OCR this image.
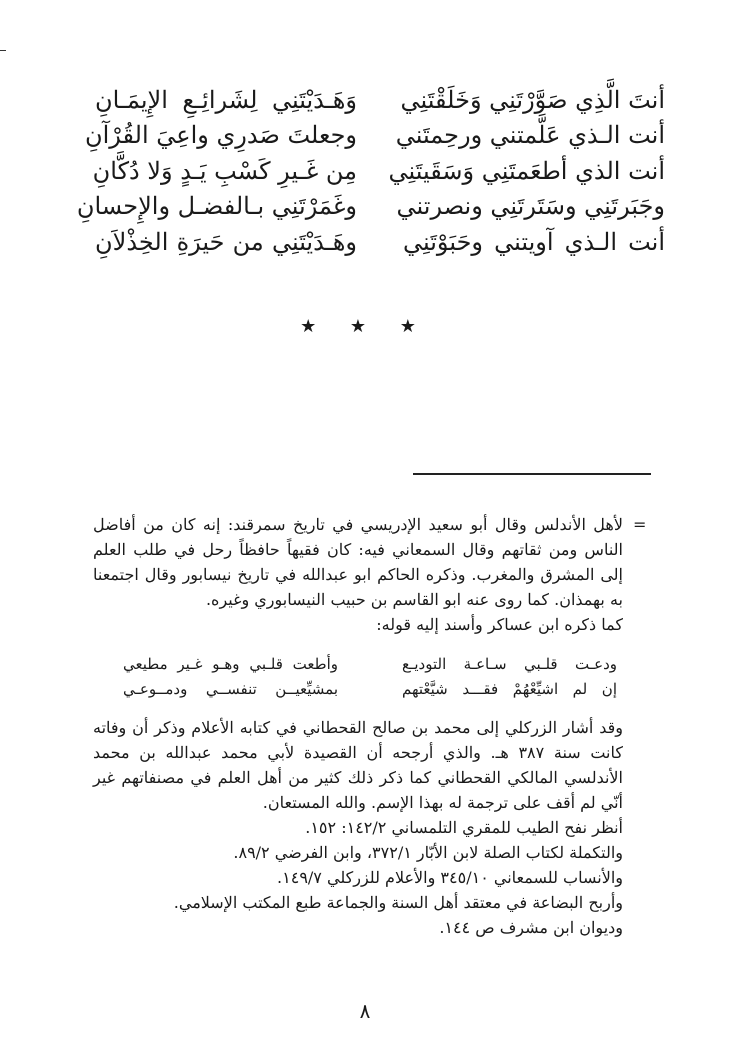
أنتَ الَّذِي صَوَّرْتَنِي وَخَلَقْتَنِي
وَهَـدَيْتَنِي لِشَرائِـعِ الإِيمَـانِ
أنت الـذي عَلَّمتني ورحِمتَني
وجعلتَ صَدرِي واعِيَ القُرْآنِ
أنت الذي أطعَمتَنِي وَسَقَيتَنِي
مِن غَـيرِ كَسْبِ يَـدٍ وَلا دُكَّانِ
وجَبَرتَنِي وسَتَرتَنِي ونصرتني
وغَمَرْتَنِي بـالفضـل والإِحسانِ
أنت الـذي آويتني وحَبَوْتَنِي
وهَـدَيْتَنِي من حَيرَةِ الخِذْلاَنِ
★ ★ ★
=

لأهل الأندلس وقال أبو سعيد الإدريسي في تاريخ سمرقند: إنه كان من أفاضل الناس ومن ثقاتهم وقال السمعاني فيه: كان فقيهاً حافظاً رحل في طلب العلم إلى المشرق والمغرب. وذكره الحاكم ابو عبدالله في تاريخ نيسابور وقال اجتمعنا به بهمذان. كما روى عنه ابو القاسم بن حبيب النيسابوري وغيره.

كما ذكره ابن عساكر وأسند إليه قوله:

ودعـت قلـبي سـاعـة التوديـع
وأطعت قلـبي وهـو غـير مطيعي
إن لم اشيِّعْهُمْ فقـــد شيَّعْتهم
بمشيِّعيــن تنفســي ودمــوعـي

وقد أشار الزركلي إلى محمد بن صالح القحطاني في كتابه الأعلام وذكر أن وفاته كانت سنة ٣٨٧ هـ. والذي أرجحه أن القصيدة لأبي محمد عبدالله بن محمد الأندلسي المالكي القحطاني كما ذكر ذلك كثير من أهل العلم في مصنفاتهم غير أنّي لم أقف على ترجمة له بهذا الإسم. والله المستعان.

أنظر نفح الطيب للمقري التلمساني ١٤٢/٢: ١٥٢.

والتكملة لكتاب الصلة لابن الأبّار ٣٧٢/١، وابن الفرضي ٨٩/٢.

والأنساب للسمعاني ٣٤٥/١٠ والأعلام للزركلي ١٤٩/٧.

وأربح البضاعة في معتقد أهل السنة والجماعة طبع المكتب الإسلامي.

وديوان ابن مشرف ص ١٤٤.

٨
